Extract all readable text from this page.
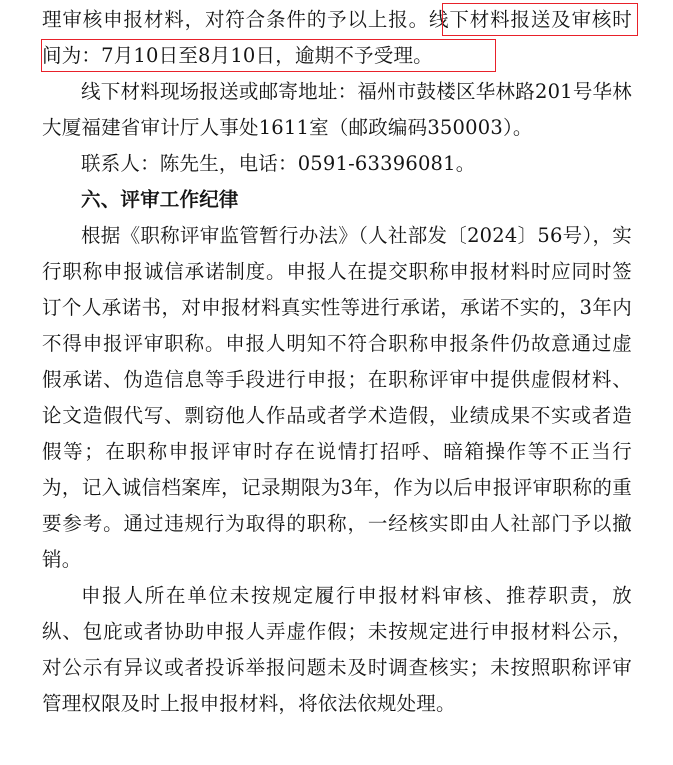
理审核申报材料，对符合条件的予以上报。线下材料报送及审核时间为：7月10日至8月10日，逾期不予受理。

线下材料现场报送或邮寄地址：福州市鼓楼区华林路201号华林大厦福建省审计厅人事处1611室（邮政编码350003）。

联系人：陈先生，电话：0591-63396081。

六、评审工作纪律

根据《职称评审监管暂行办法》（人社部发〔2024〕56号），实行职称申报诚信承诺制度。申报人在提交职称申报材料时应同时签订个人承诺书，对申报材料真实性等进行承诺，承诺不实的，3年内不得申报评审职称。申报人明知不符合职称申报条件仍故意通过虚假承诺、伪造信息等手段进行申报；在职称评审中提供虚假材料、论文造假代写、剽窃他人作品或者学术造假，业绩成果不实或者造假等；在职称申报评审时存在说情打招呼、暗箱操作等不正当行为，记入诚信档案库，记录期限为3年，作为以后申报评审职称的重要参考。通过违规行为取得的职称，一经核实即由人社部门予以撤销。

申报人所在单位未按规定履行申报材料审核、推荐职责，放纵、包庇或者协助申报人弄虚作假；未按规定进行申报材料公示，对公示有异议或者投诉举报问题未及时调查核实；未按照职称评审管理权限及时上报申报材料，将依法依规处理。
